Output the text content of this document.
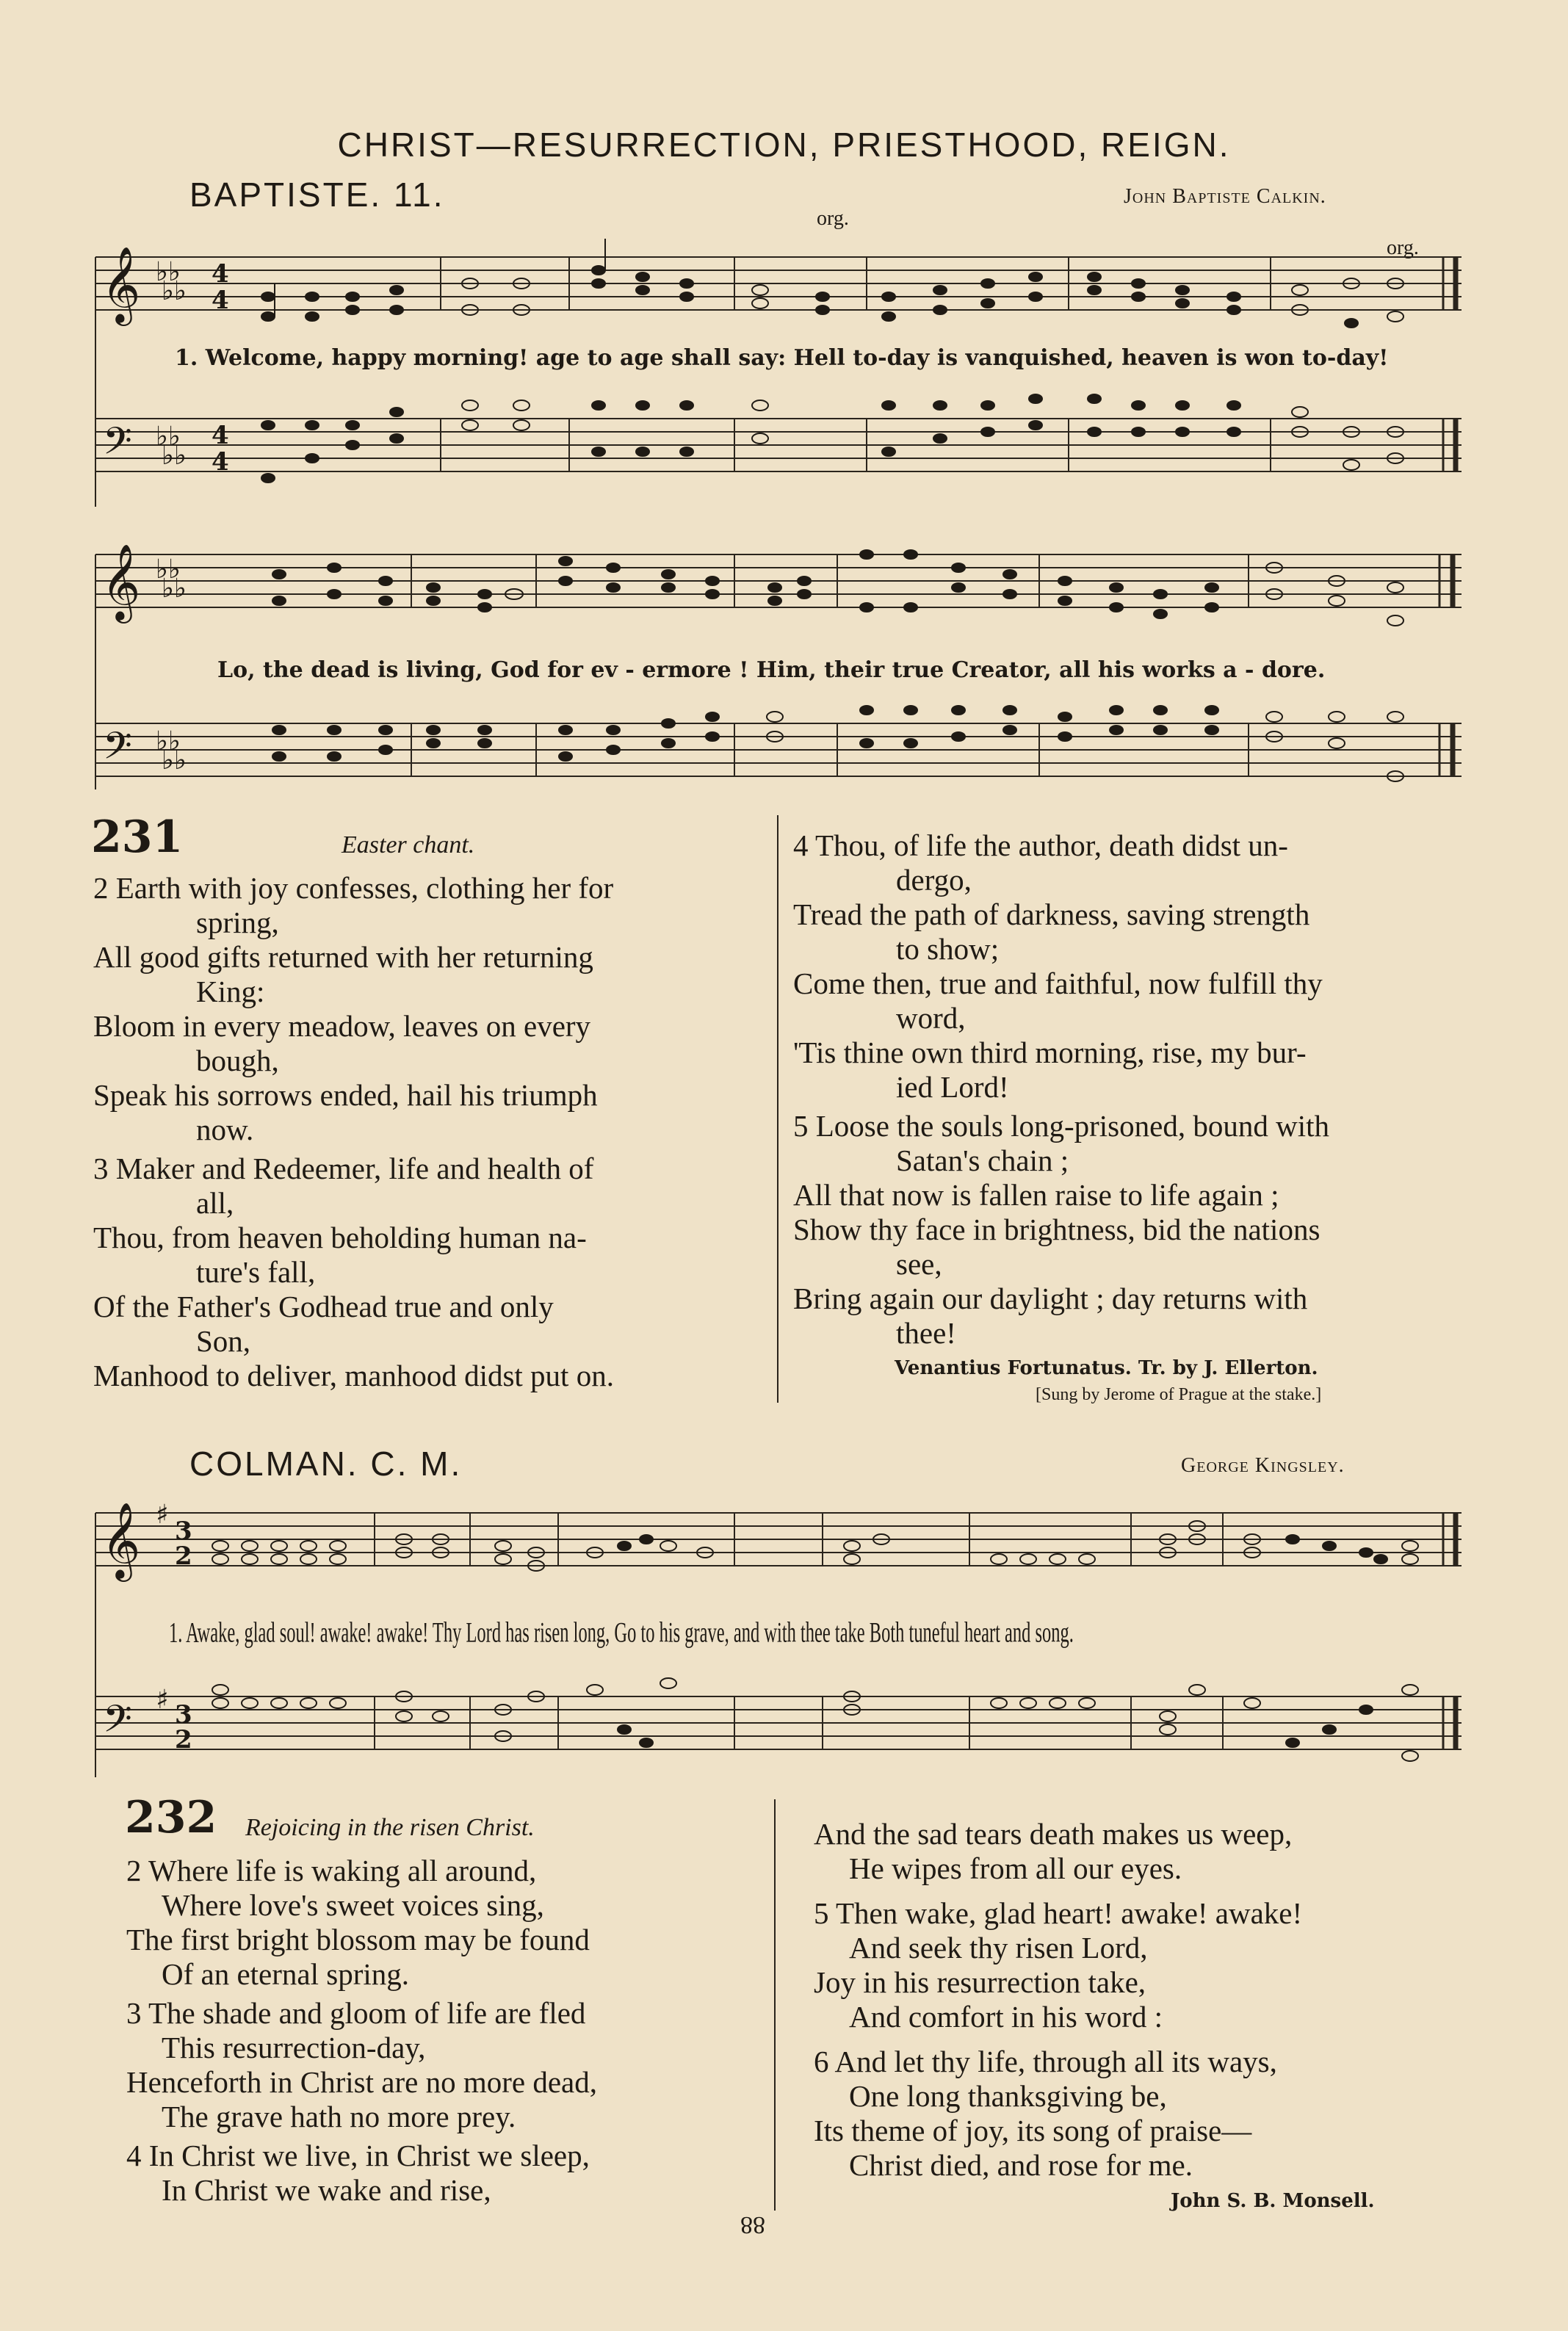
CHRIST—RESURRECTION, PRIESTHOOD, REIGN.
BAPTISTE. 11.	John Baptiste Calkin.
org.
org.
𝄞
𝄢
♭♭
♭♭
♭♭
♭♭
4
4
4
4
1. Welcome, happy morning! age to age shall say: Hell to-day is vanquished, heaven is won to-day!
𝄞
𝄢
♭♭
♭♭
♭♭
♭♭
Lo, the dead is living, God for ev - ermore ! Him, their true Creator, all his works a - dore.
231	Easter chant.
2 Earth with joy confesses, clothing her for
spring,
All good gifts returned with her returning
King:
Bloom in every meadow, leaves on every
bough,
Speak his sorrows ended, hail his triumph
now.
3 Maker and Redeemer, life and health of
all,
Thou, from heaven beholding human na-
ture's fall,
Of the Father's Godhead true and only
Son,
Manhood to deliver, manhood didst put on.
4 Thou, of life the author, death didst un-
dergo,
Tread the path of darkness, saving strength
to show;
Come then, true and faithful, now fulfill thy
word,
'Tis thine own third morning, rise, my bur-
ied Lord!
5 Loose the souls long-prisoned, bound with
Satan's chain ;
All that now is fallen raise to life again ;
Show thy face in brightness, bid the nations
see,
Bring again our daylight ; day returns with
thee!
Venantius Fortunatus. Tr. by J. Ellerton.
[Sung by Jerome of Prague at the stake.]
COLMAN. C. M.	George Kingsley.
𝄞
𝄢
♯
♯
3
2
3
2
1. Awake, glad soul! awake! awake! Thy Lord has risen long, Go to his grave, and with thee take Both tuneful heart and song.
232 Rejoicing in the risen Christ.
2 Where life is waking all around,
Where love's sweet voices sing,
The first bright blossom may be found
Of an eternal spring.
3 The shade and gloom of life are fled
This resurrection-day,
Henceforth in Christ are no more dead,
The grave hath no more prey.
4 In Christ we live, in Christ we sleep,
In Christ we wake and rise,
And the sad tears death makes us weep,
He wipes from all our eyes.
5 Then wake, glad heart! awake! awake!
And seek thy risen Lord,
Joy in his resurrection take,
And comfort in his word :
6 And let thy life, through all its ways,
One long thanksgiving be,
Its theme of joy, its song of praise—
Christ died, and rose for me.
John S. B. Monsell.
88
